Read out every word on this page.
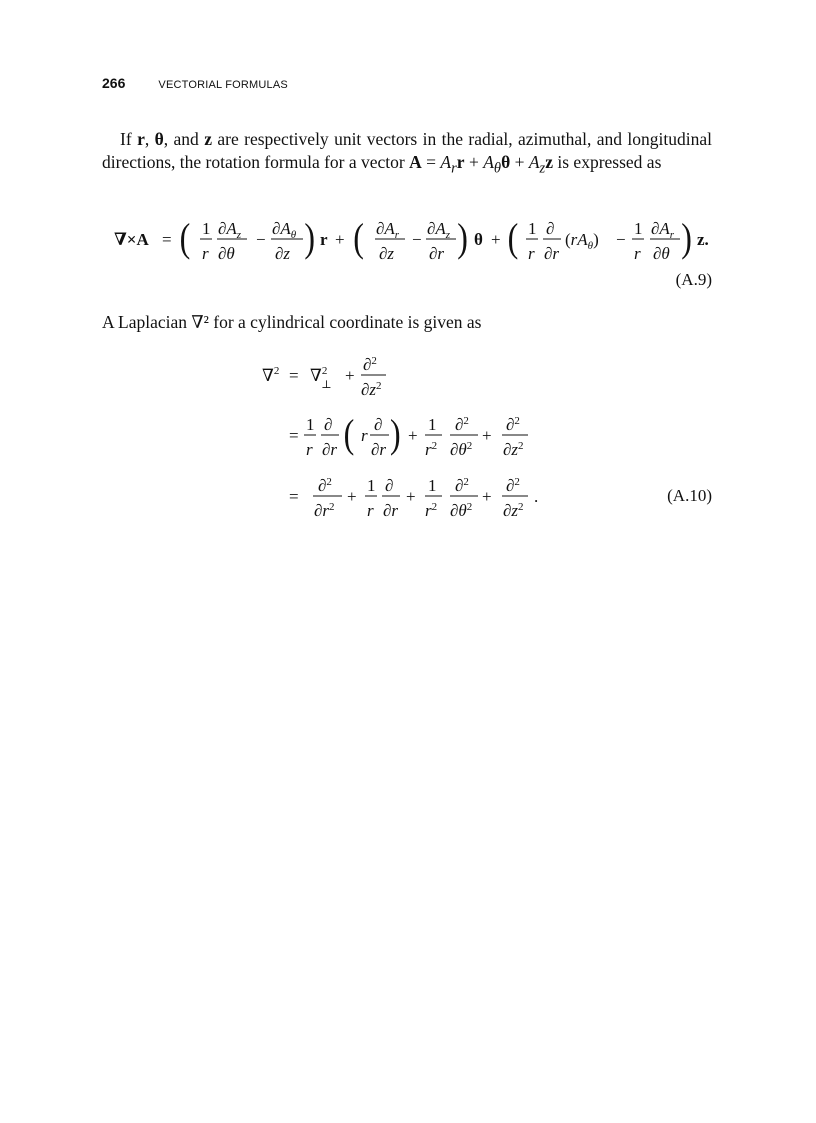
266	VECTORIAL FORMULAS
If r, θ, and z are respectively unit vectors in the radial, azimuthal, and longitudinal directions, the rotation formula for a vector $A = A_rr + A_\theta\theta + A_zz$ is expressed as
∇×A = ( 1
r
$\partial A_z$
∂θ
−
$\partial A_\theta$
∂z ) r + ( $\partial A_r$
∂z
−
$\partial A_z$
∂r ) θ + ( 1
r
∂
∂r
$(rA_\theta)$ −
1
r
$\partial A_r$
∂θ ) z.
(A.9)
A Laplacian ∇² for a cylindrical coordinate is given as
∇$^2$ = ∇$^2$ ⊥ +
∂$^2$
$\partial z^2$
=
1
r
∂
∂r ( r
∂
∂r ) +
1
$r^2$
∂$^2$
$\partial\theta^2$
+
∂$^2$
$\partial z^2$
=
∂$^2$
$\partial r^2$
+
1
r
∂
∂r
+
1
$r^2$
∂$^2$
$\partial\theta^2$
+
∂$^2$
$\partial z^2$
.	(A.10)
